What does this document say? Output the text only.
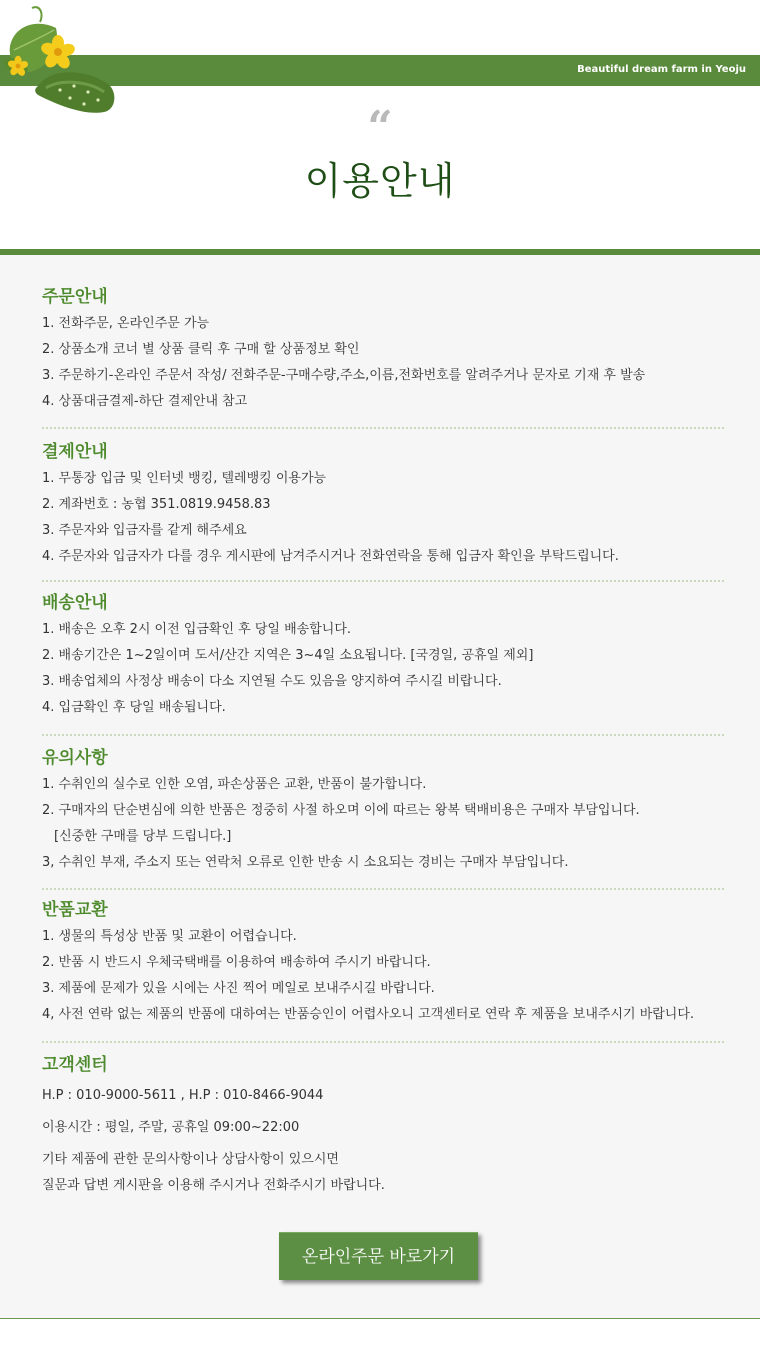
Beautiful dream farm in Yeoju
“
이용안내
주문안내

1. 전화주문, 온라인주문 가능

2. 상품소개 코너 별 상품 클릭 후 구매 할 상품정보 확인

3. 주문하기-온라인 주문서 작성/ 전화주문-구매수량,주소,이름,전화번호를 알려주거나 문자로 기재 후 발송

4. 상품대금결제-하단 결제안내 참고

결제안내

1. 무통장 입금 및 인터넷 뱅킹, 텔레뱅킹 이용가능

2. 계좌번호 : 농협 351.0819.9458.83

3. 주문자와 입금자를 같게 해주세요

4. 주문자와 입금자가 다를 경우 게시판에 남겨주시거나 전화연락을 통해 입금자 확인을 부탁드립니다.

배송안내

1. 배송은 오후 2시 이전 입금확인 후 당일 배송합니다.

2. 배송기간은 1~2일이며 도서/산간 지역은 3~4일 소요됩니다. [국경일, 공휴일 제외]

3. 배송업체의 사정상 배송이 다소 지연될 수도 있음을 양지하여 주시길 비랍니다.

4. 입금확인 후 당일 배송됩니다.

유의사항

1. 수취인의 실수로 인한 오염, 파손상품은 교환, 반품이 불가합니다.

2. 구매자의 단순변심에 의한 반품은 정중히 사절 하오며 이에 따르는 왕복 택배비용은 구매자 부담입니다.

[신중한 구매를 당부 드립니다.]

3, 수취인 부재, 주소지 또는 연락처 오류로 인한 반송 시 소요되는 경비는 구매자 부담입니다.

반품교환

1. 생물의 특성상 반품 및 교환이 어렵습니다.

2. 반품 시 반드시 우체국택배를 이용하여 배송하여 주시기 바랍니다.

3. 제품에 문제가 있을 시에는 사진 찍어 메일로 보내주시길 바랍니다.

4, 사전 연락 없는 제품의 반품에 대하여는 반품승인이 어렵사오니 고객센터로 연락 후 제품을 보내주시기 바랍니다.

고객센터

H.P : 010-9000-5611 , H.P : 010-8466-9044

이용시간 : 평일, 주말, 공휴일 09:00~22:00

기타 제품에 관한 문의사항이나 상담사항이 있으시면

질문과 답변 게시판을 이용해 주시거나 전화주시기 바랍니다.

온라인주문 바로가기
